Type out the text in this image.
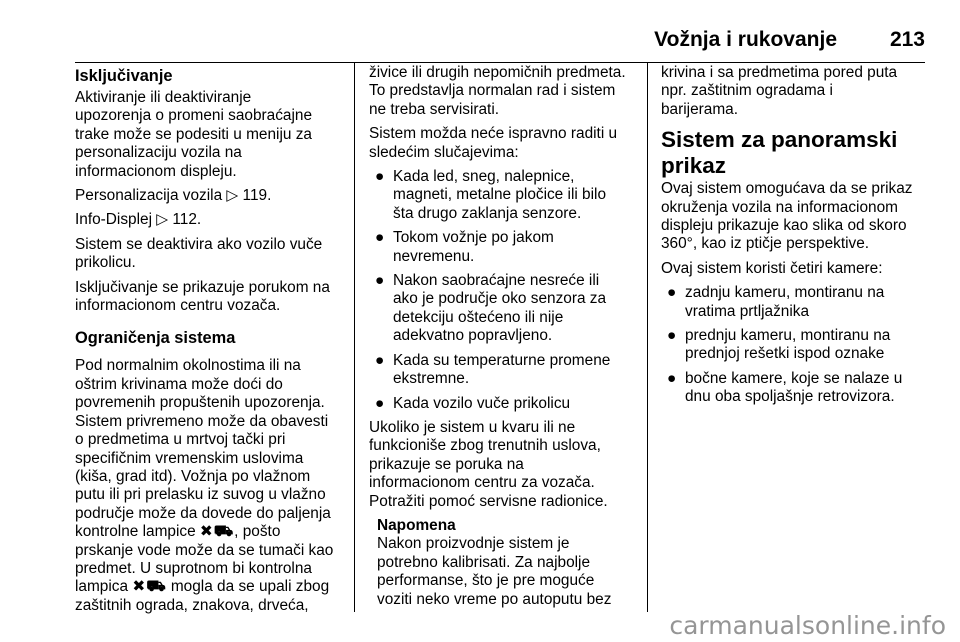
Vožnja i rukovanje	213
Isključivanje
Aktiviranje ili deaktiviranje
upozorenja o promeni saobraćajne
trake može se podesiti u meniju za
personalizaciju vozila na
informacionom displeju.
Personalizacija vozila ▷ 119.
Info-Displej ▷ 112.
Sistem se deaktivira ako vozilo vuče
prikolicu.
Isključivanje se prikazuje porukom na
informacionom centru vozača.
Ograničenja sistema
Pod normalnim okolnostima ili na
oštrim krivinama može doći do
povremenih propuštenih upozorenja.
Sistem privremeno može da obavesti
o predmetima u mrtvoj tački pri
specifičnim vremenskim uslovima
(kiša, grad itd). Vožnja po vlažnom
putu ili pri prelasku iz suvog u vlažno
područje može da dovede do paljenja
kontrolne lampice ✖⛟, pošto
prskanje vode može da se tumači kao
predmet. U suprotnom bi kontrolna
lampica ✖⛟ mogla da se upali zbog
zaštitnih ograda, znakova, drveća,
živice ili drugih nepomičnih predmeta.
To predstavlja normalan rad i sistem
ne treba servisirati.
Sistem možda neće ispravno raditi u
sledećim slučajevima:
● Kada led, sneg, nalepnice,
magneti, metalne pločice ili bilo
šta drugo zaklanja senzore.
● Tokom vožnje po jakom
nevremenu.
● Nakon saobraćajne nesreće ili
ako je područje oko senzora za
detekciju oštećeno ili nije
adekvatno popravljeno.
● Kada su temperaturne promene
ekstremne.
● Kada vozilo vuče prikolicu
Ukoliko je sistem u kvaru ili ne
funkcioniše zbog trenutnih uslova,
prikazuje se poruka na
informacionom centru za vozača.
Potražiti pomoć servisne radionice.
Napomena
Nakon proizvodnje sistem je
potrebno kalibrisati. Za najbolje
performanse, što je pre moguće
voziti neko vreme po autoputu bez
krivina i sa predmetima pored puta
npr. zaštitnim ogradama i
barijerama.
Sistem za panoramski
prikaz
Ovaj sistem omogućava da se prikaz
okruženja vozila na informacionom
displeju prikazuje kao slika od skoro
360°, kao iz ptičje perspektive.
Ovaj sistem koristi četiri kamere:
● zadnju kameru, montiranu na
vratima prtljažnika
● prednju kameru, montiranu na
prednjoj rešetki ispod oznake
● bočne kamere, koje se nalaze u
dnu oba spoljašnje retrovizora.
carmanualsonline.info
